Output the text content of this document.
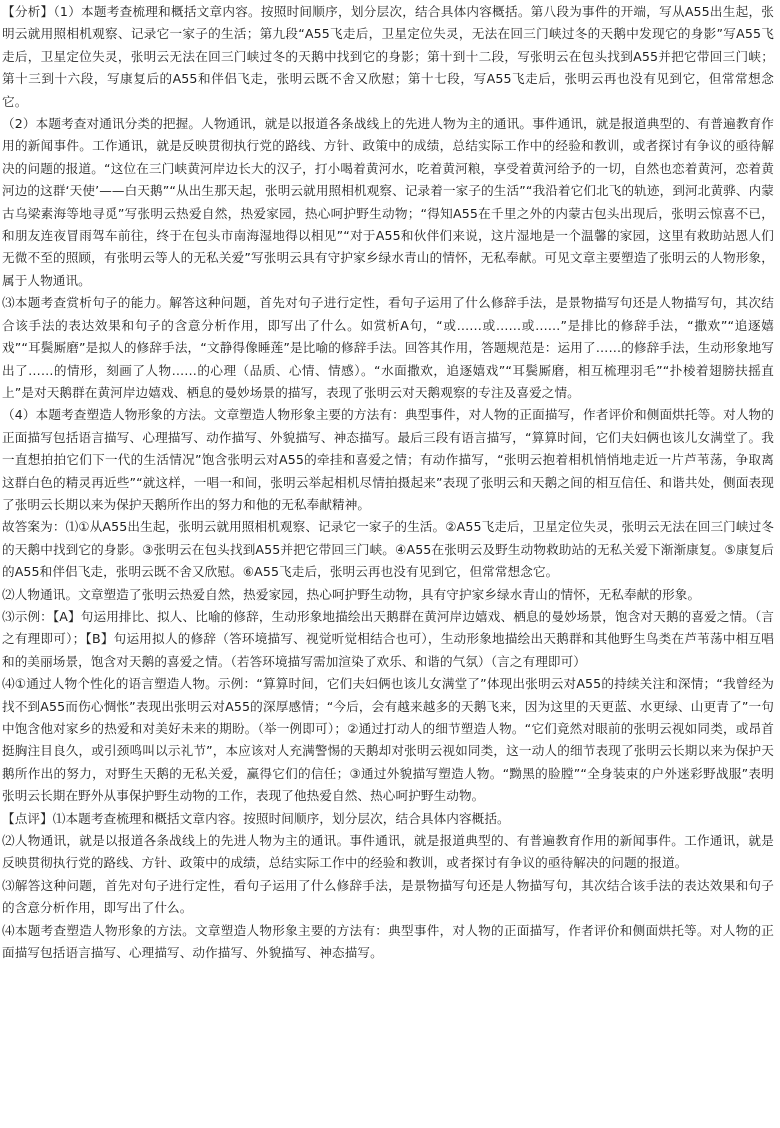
【分析】（1）本题考查梳理和概括文章内容。按照时间顺序，划分层次，结合具体内容概括。第八段为事件的开端，写从A55出生起，张明云就用照相机观察、记录它一家子的生活；第九段“A55飞走后，卫星定位失灵，无法在回三门峡过冬的天鹅中发现它的身影”写A55飞走后，卫星定位失灵，张明云无法在回三门峡过冬的天鹅中找到它的身影；第十到十二段，写张明云在包头找到A55并把它带回三门峡；第十三到十六段，写康复后的A55和伴侣飞走，张明云既不舍又欣慰；第十七段，写A55飞走后，张明云再也没有见到它，但常常想念它。

（2）本题考查对通讯分类的把握。人物通讯，就是以报道各条战线上的先进人物为主的通讯。事件通讯，就是报道典型的、有普遍教育作用的新闻事件。工作通讯，就是反映贯彻执行党的路线、方针、政策中的成绩，总结实际工作中的经验和教训，或者探讨有争议的亟待解决的问题的报道。“这位在三门峡黄河岸边长大的汉子，打小喝着黄河水，吃着黄河粮，享受着黄河给予的一切，自然也恋着黄河，恋着黄河边的这群‘天使’——白天鹅”“从出生那天起，张明云就用照相机观察、记录着一家子的生活”“我沿着它们北飞的轨迹，到河北黄骅、内蒙古乌梁素海等地寻觅”写张明云热爱自然，热爱家园，热心呵护野生动物；“得知A55在千里之外的内蒙古包头出现后，张明云惊喜不已，和朋友连夜冒雨驾车前往，终于在包头市南海湿地得以相见”“对于A55和伙伴们来说，这片湿地是一个温馨的家园，这里有救助站恩人们无微不至的照顾，有张明云等人的无私关爱”写张明云具有守护家乡绿水青山的情怀，无私奉献。可见文章主要塑造了张明云的人物形象，属于人物通讯。

⑶本题考查赏析句子的能力。解答这种问题，首先对句子进行定性，看句子运用了什么修辞手法，是景物描写句还是人物描写句，其次结合该手法的表达效果和句子的含意分析作用，即写出了什么。如赏析A句，“或……或……或……”是排比的修辞手法，“撒欢”“追逐嬉戏”“耳鬓厮磨”是拟人的修辞手法，“文静得像睡莲”是比喻的修辞手法。回答其作用，答题规范是：运用了……的修辞手法，生动形象地写出了……的情形，刻画了人物……的心理（品质、心情、情感）。“水面撒欢，追逐嬉戏”“耳鬓厮磨，相互梳理羽毛”“扑棱着翅膀扶摇直上”是对天鹅群在黄河岸边嬉戏、栖息的曼妙场景的描写，表现了张明云对天鹅观察的专注及喜爱之情。

（4）本题考查塑造人物形象的方法。文章塑造人物形象主要的方法有：典型事件，对人物的正面描写，作者评价和侧面烘托等。对人物的正面描写包括语言描写、心理描写、动作描写、外貌描写、神态描写。最后三段有语言描写，“算算时间，它们夫妇俩也该儿女满堂了。我一直想拍拍它们下一代的生活情况”饱含张明云对A55的牵挂和喜爱之情；有动作描写，“张明云抱着相机悄悄地走近一片芦苇荡，争取离这群白色的精灵再近些”“就这样，一唱一和间，张明云举起相机尽情拍摄起来”表现了张明云和天鹅之间的相互信任、和谐共处，侧面表现了张明云长期以来为保护天鹅所作出的努力和他的无私奉献精神。

故答案为：⑴①从A55出生起，张明云就用照相机观察、记录它一家子的生活。②A55飞走后，卫星定位失灵，张明云无法在回三门峡过冬的天鹅中找到它的身影。③张明云在包头找到A55并把它带回三门峡。④A55在张明云及野生动物救助站的无私关爱下渐渐康复。⑤康复后的A55和伴侣飞走，张明云既不舍又欣慰。⑥A55飞走后，张明云再也没有见到它，但常常想念它。

⑵人物通讯。文章塑造了张明云热爱自然，热爱家园，热心呵护野生动物，具有守护家乡绿水青山的情怀，无私奉献的形象。

⑶示例：【A】句运用排比、拟人、比喻的修辞，生动形象地描绘出天鹅群在黄河岸边嬉戏、栖息的曼妙场景，饱含对天鹅的喜爱之情。（言之有理即可）；【B】句运用拟人的修辞（答环境描写、视觉听觉相结合也可），生动形象地描绘出天鹅群和其他野生鸟类在芦苇荡中相互唱和的美丽场景，饱含对天鹅的喜爱之情。（若答环境描写需加渲染了欢乐、和谐的气氛）（言之有理即可）

⑷①通过人物个性化的语言塑造人物。示例：“算算时间，它们夫妇俩也该儿女满堂了”体现出张明云对A55的持续关注和深情；“我曾经为找不到A55而伤心惆怅”表现出张明云对A55的深厚感情；“今后，会有越来越多的天鹅飞来，因为这里的天更蓝、水更绿、山更青了”一句中饱含他对家乡的热爱和对美好未来的期盼。（举一例即可）；②通过打动人的细节塑造人物。“它们竟然对眼前的张明云视如同类，或昂首挺胸注目良久，或引颈鸣叫以示礼节”，本应该对人充满警惕的天鹅却对张明云视如同类，这一动人的细节表现了张明云长期以来为保护天鹅所作出的努力，对野生天鹅的无私关爱，赢得它们的信任；③通过外貌描写塑造人物。“黝黑的脸膛”“全身装束的户外迷彩野战服”表明张明云长期在野外从事保护野生动物的工作，表现了他热爱自然、热心呵护野生动物。

【点评】⑴本题考查梳理和概括文章内容。按照时间顺序，划分层次，结合具体内容概括。

⑵人物通讯，就是以报道各条战线上的先进人物为主的通讯。事件通讯，就是报道典型的、有普遍教育作用的新闻事件。工作通讯，就是反映贯彻执行党的路线、方针、政策中的成绩，总结实际工作中的经验和教训，或者探讨有争议的亟待解决的问题的报道。

⑶解答这种问题，首先对句子进行定性，看句子运用了什么修辞手法，是景物描写句还是人物描写句，其次结合该手法的表达效果和句子的含意分析作用，即写出了什么。

⑷本题考查塑造人物形象的方法。文章塑造人物形象主要的方法有：典型事件，对人物的正面描写，作者评价和侧面烘托等。对人物的正面描写包括语言描写、心理描写、动作描写、外貌描写、神态描写。
